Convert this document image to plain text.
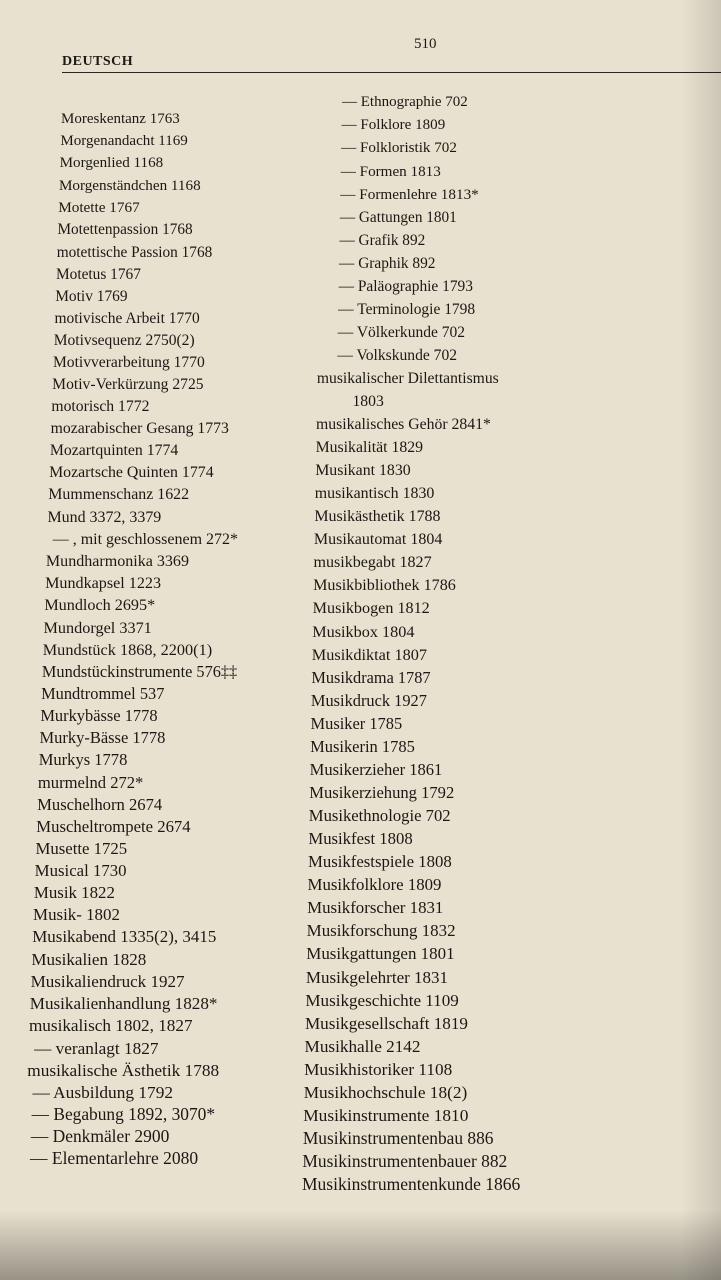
510
DEUTSCH
Moreskentanz 1763
Morgenandacht 1169
Morgenlied 1168
Morgenständchen 1168
Motette 1767
Motettenpassion 1768
motettische Passion 1768
Motetus 1767
Motiv 1769
motivische Arbeit 1770
Motivsequenz 2750(2)
Motivverarbeitung 1770
Motiv-Verkürzung 2725
motorisch 1772
mozarabischer Gesang 1773
Mozartquinten 1774
Mozartsche Quinten 1774
Mummenschanz 1622
Mund 3372, 3379
— , mit geschlossenem 272*
Mundharmonika 3369
Mundkapsel 1223
Mundloch 2695*
Mundorgel 3371
Mundstück 1868, 2200(1)
Mundstückinstrumente 576‡‡
Mundtrommel 537
Murkybässe 1778
Murky-Bässe 1778
Murkys 1778
murmelnd 272*
Muschelhorn 2674
Muscheltrompete 2674
Musette 1725
Musical 1730
Musik 1822
Musik- 1802
Musikabend 1335(2), 3415
Musikalien 1828
Musikaliendruck 1927
Musikalienhandlung 1828*
musikalisch 1802, 1827
— veranlagt 1827
musikalische Ästhetik 1788
— Ausbildung 1792
— Begabung 1892, 3070*
— Denkmäler 2900
— Elementarlehre 2080
— Ethnographie 702
— Folklore 1809
— Folkloristik 702
— Formen 1813
— Formenlehre 1813*
— Gattungen 1801
— Grafik 892
— Graphik 892
— Paläographie 1793
— Terminologie 1798
— Völkerkunde 702
— Volkskunde 702
musikalischer Dilettantismus
1803
musikalisches Gehör 2841*
Musikalität 1829
Musikant 1830
musikantisch 1830
Musikästhetik 1788
Musikautomat 1804
musikbegabt 1827
Musikbibliothek 1786
Musikbogen 1812
Musikbox 1804
Musikdiktat 1807
Musikdrama 1787
Musikdruck 1927
Musiker 1785
Musikerin 1785
Musikerzieher 1861
Musikerziehung 1792
Musikethnologie 702
Musikfest 1808
Musikfestspiele 1808
Musikfolklore 1809
Musikforscher 1831
Musikforschung 1832
Musikgattungen 1801
Musikgelehrter 1831
Musikgeschichte 1109
Musikgesellschaft 1819
Musikhalle 2142
Musikhistoriker 1108
Musikhochschule 18(2)
Musikinstrumente 1810
Musikinstrumentenbau 886
Musikinstrumentenbauer 882
Musikinstrumentenkunde 1866
